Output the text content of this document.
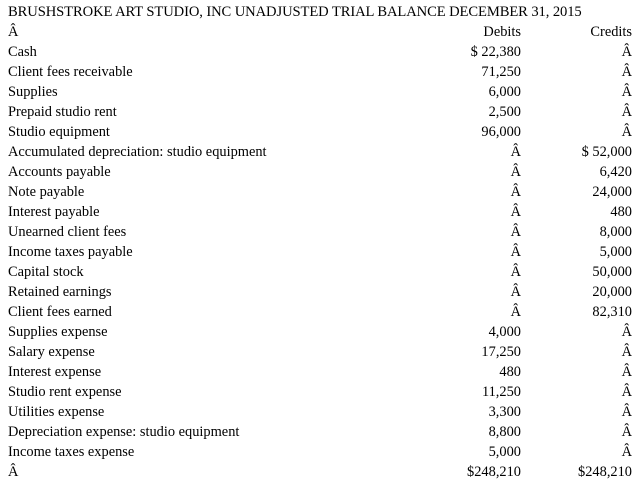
BRUSHSTROKE ART STUDIO, INC UNADJUSTED TRIAL BALANCE DECEMBER 31, 2015
Â	Debits	Credits
Cash	$ 22,380	Â
Client fees receivable	71,250	Â
Supplies	6,000	Â
Prepaid studio rent	2,500	Â
Studio equipment	96,000	Â
Accumulated depreciation: studio equipment	Â	$ 52,000
Accounts payable	Â	6,420
Note payable	Â	24,000
Interest payable	Â	480
Unearned client fees	Â	8,000
Income taxes payable	Â	5,000
Capital stock	Â	50,000
Retained earnings	Â	20,000
Client fees earned	Â	82,310
Supplies expense	4,000	Â
Salary expense	17,250	Â
Interest expense	480	Â
Studio rent expense	11,250	Â
Utilities expense	3,300	Â
Depreciation expense: studio equipment	8,800	Â
Income taxes expense	5,000	Â
Â	$248,210	$248,210
